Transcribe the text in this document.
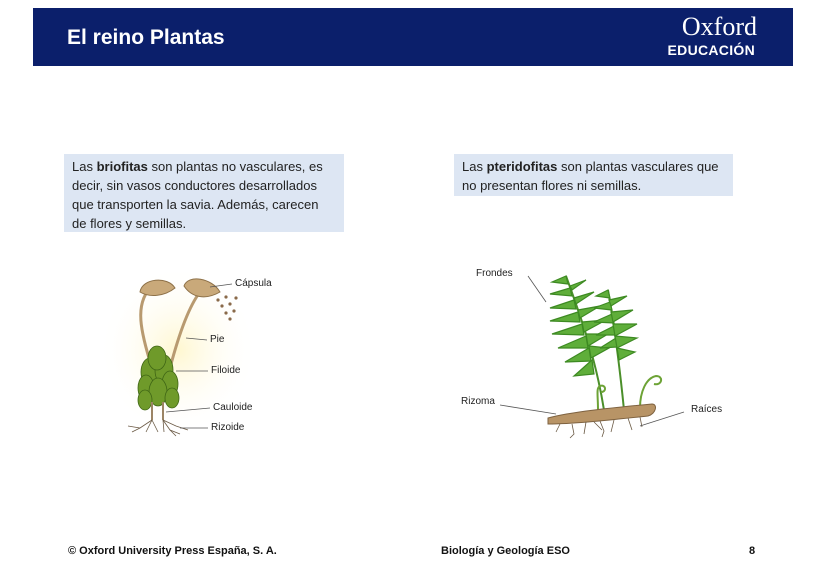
El reino Plantas	Oxford
EDUCACIÓN
Las briofitas son plantas no vasculares, es decir, sin vasos conductores desarrollados que transporten la savia. Además, carecen de flores y semillas.
Las pteridofitas son plantas vasculares que no presentan flores ni semillas.
Cápsula
Pie
Filoide
Cauloide
Rizoide
Frondes
Rizoma
Raíces
© Oxford University Press España, S. A.	Biología y Geología ESO	8
